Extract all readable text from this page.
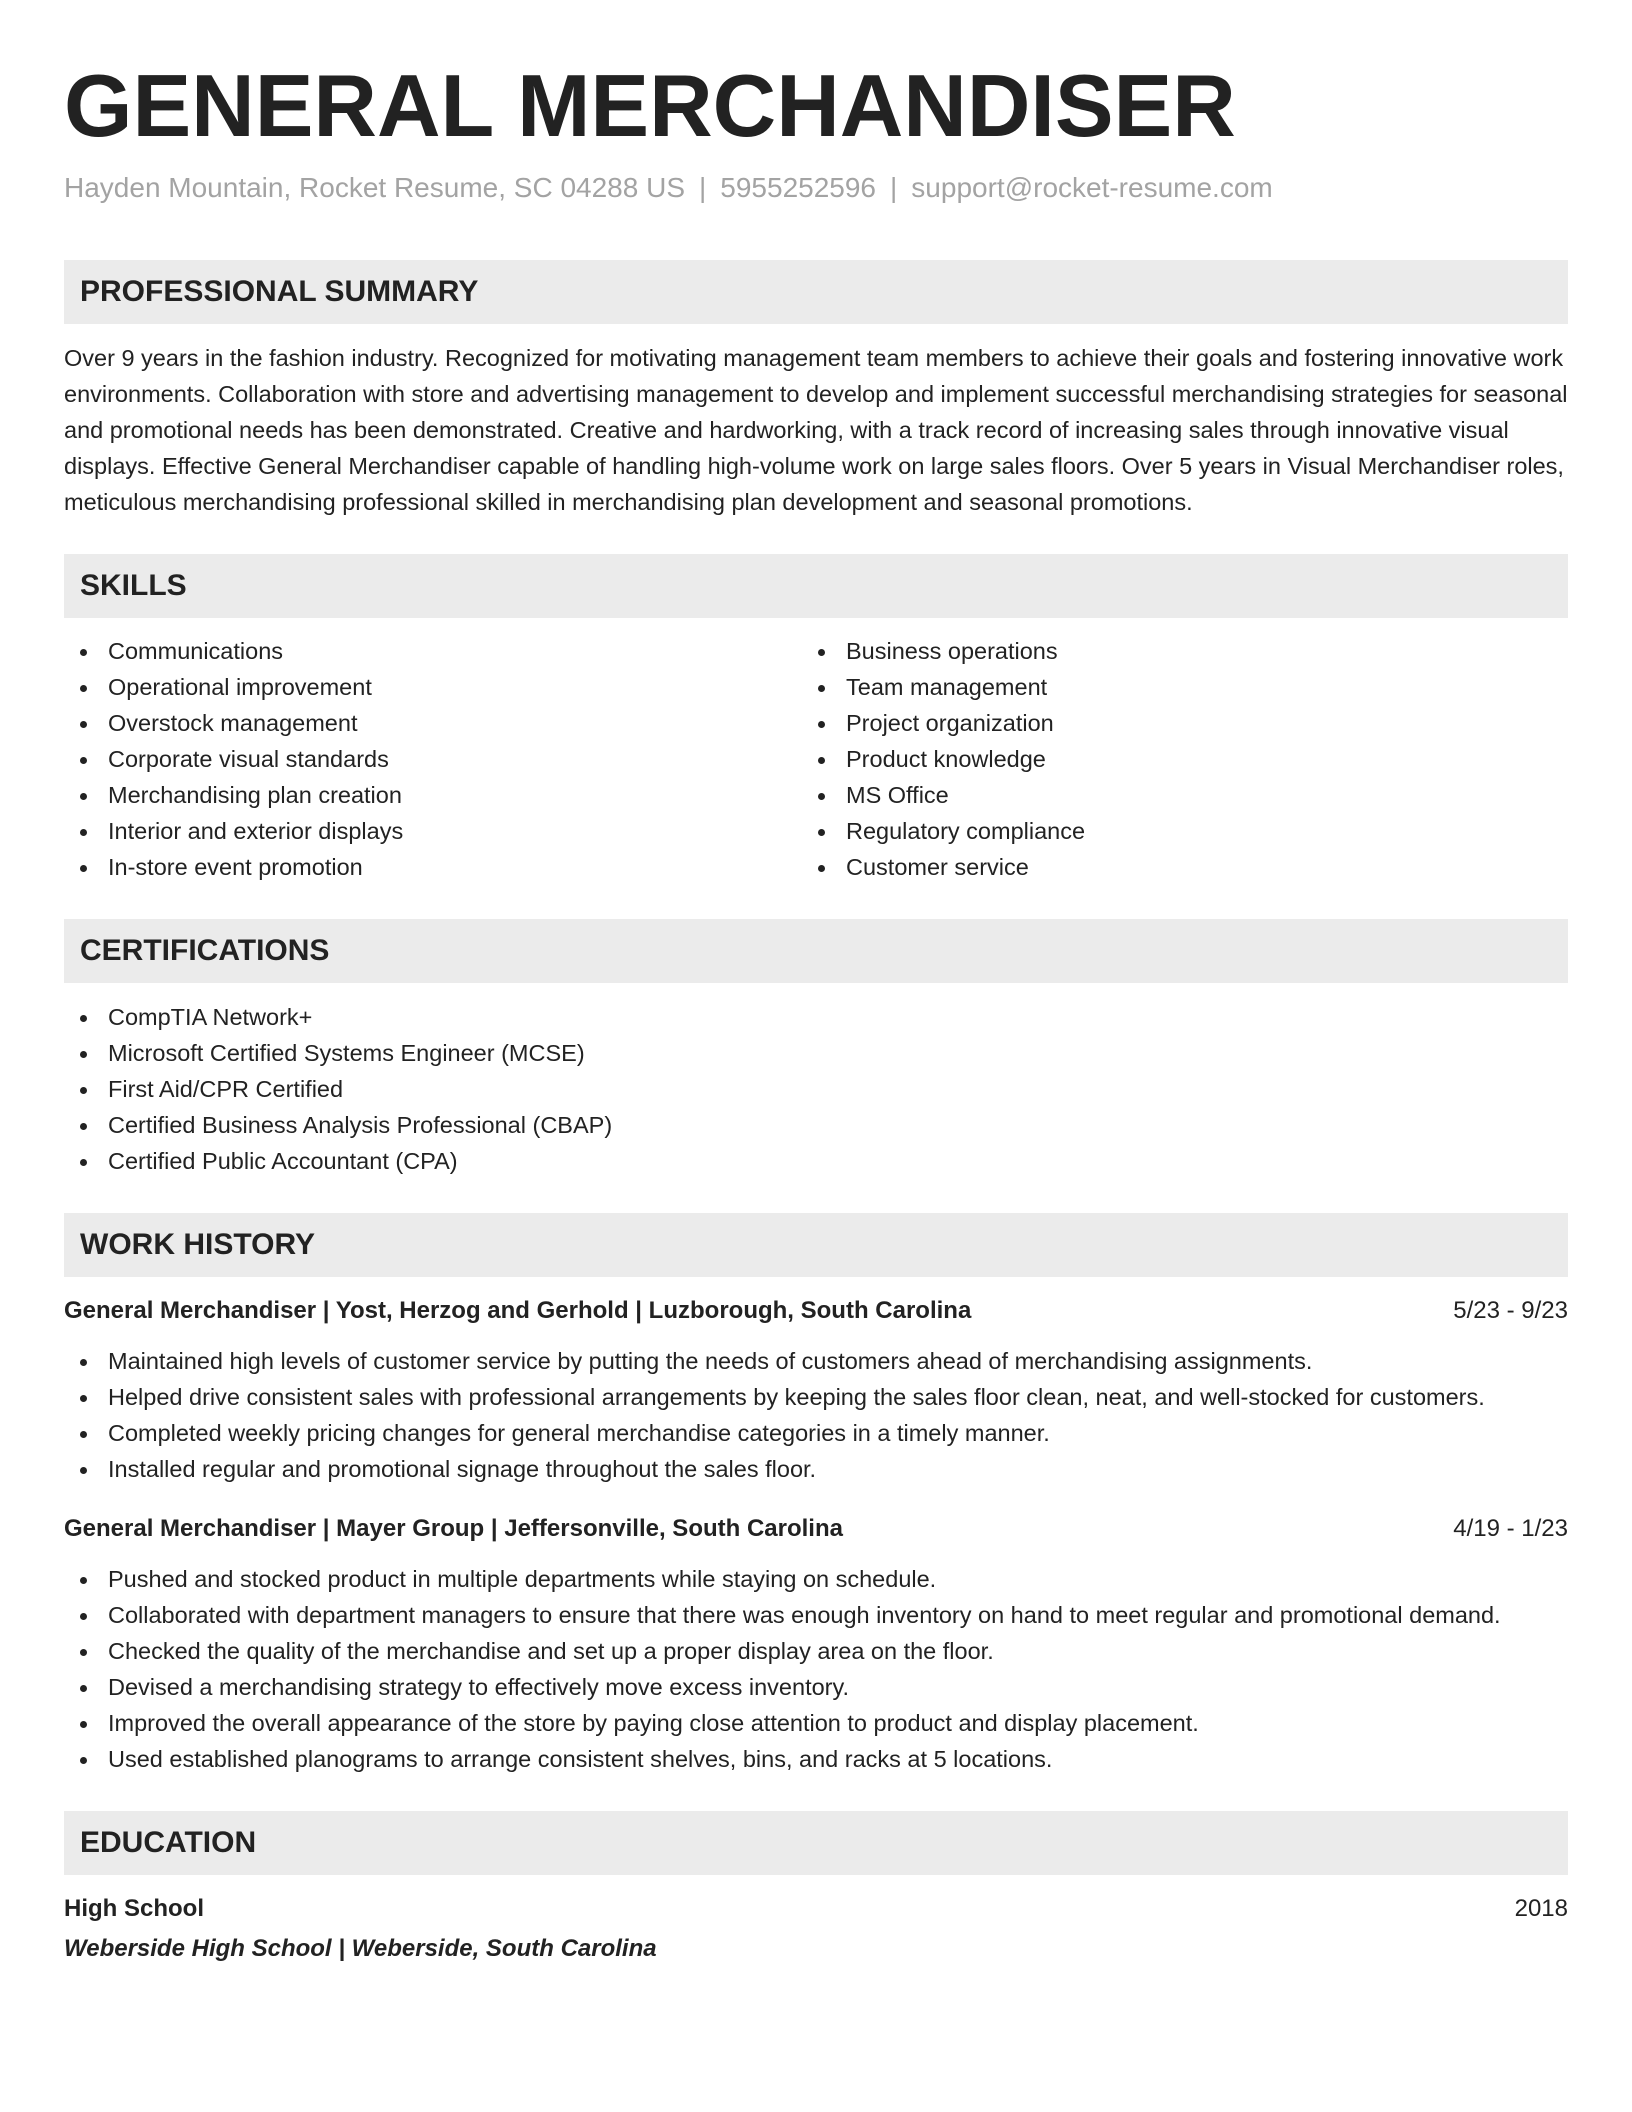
GENERAL MERCHANDISER
Hayden Mountain, Rocket Resume, SC 04288 US | 5955252596 | support@rocket-resume.com
PROFESSIONAL SUMMARY
Over 9 years in the fashion industry. Recognized for motivating management team members to achieve their goals and fostering innovative work environments. Collaboration with store and advertising management to develop and implement successful merchandising strategies for seasonal and promotional needs has been demonstrated. Creative and hardworking, with a track record of increasing sales through innovative visual displays. Effective General Merchandiser capable of handling high-volume work on large sales floors. Over 5 years in Visual Merchandiser roles, meticulous merchandising professional skilled in merchandising plan development and seasonal promotions.
SKILLS
Communications
Operational improvement
Overstock management
Corporate visual standards
Merchandising plan creation
Interior and exterior displays
In-store event promotion
Business operations
Team management
Project organization
Product knowledge
MS Office
Regulatory compliance
Customer service
CERTIFICATIONS
CompTIA Network+
Microsoft Certified Systems Engineer (MCSE)
First Aid/CPR Certified
Certified Business Analysis Professional (CBAP)
Certified Public Accountant (CPA)
WORK HISTORY
General Merchandiser | Yost, Herzog and Gerhold | Luzborough, South Carolina	5/23 - 9/23
Maintained high levels of customer service by putting the needs of customers ahead of merchandising assignments.
Helped drive consistent sales with professional arrangements by keeping the sales floor clean, neat, and well-stocked for customers.
Completed weekly pricing changes for general merchandise categories in a timely manner.
Installed regular and promotional signage throughout the sales floor.
General Merchandiser | Mayer Group | Jeffersonville, South Carolina	4/19 - 1/23
Pushed and stocked product in multiple departments while staying on schedule.
Collaborated with department managers to ensure that there was enough inventory on hand to meet regular and promotional demand.
Checked the quality of the merchandise and set up a proper display area on the floor.
Devised a merchandising strategy to effectively move excess inventory.
Improved the overall appearance of the store by paying close attention to product and display placement.
Used established planograms to arrange consistent shelves, bins, and racks at 5 locations.
EDUCATION
High School	2018
Weberside High School | Weberside, South Carolina
